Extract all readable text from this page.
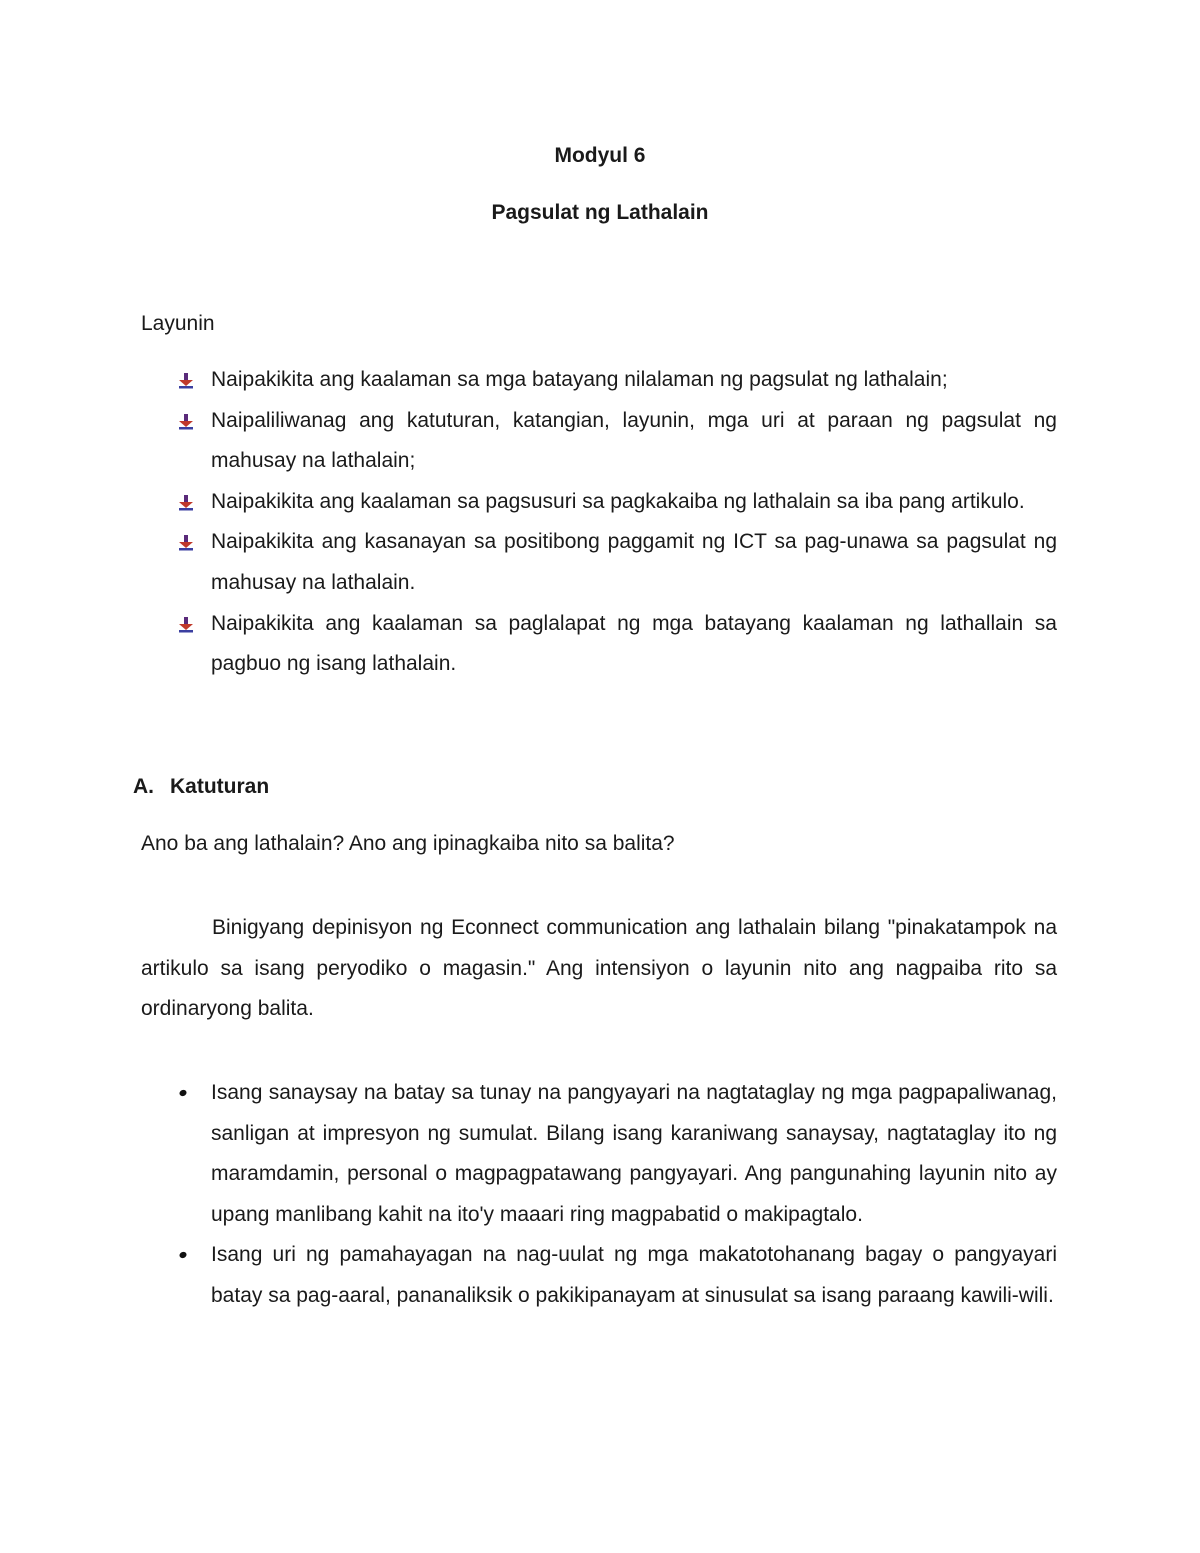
Modyul 6
Pagsulat ng Lathalain
Layunin
Naipakikita ang kaalaman sa mga batayang nilalaman ng pagsulat ng lathalain;
Naipaliliwanag ang katuturan, katangian, layunin, mga uri at paraan ng pagsulat ng mahusay na lathalain;
Naipakikita ang kaalaman sa pagsusuri sa pagkakaiba ng lathalain sa iba pang artikulo.
Naipakikita ang kasanayan sa positibong paggamit ng ICT sa pag-unawa sa pagsulat ng mahusay na lathalain.
Naipakikita ang kaalaman sa paglalapat ng mga batayang kaalaman ng lathallain sa pagbuo ng isang lathalain.
A. Katuturan
Ano ba ang lathalain? Ano ang ipinagkaiba nito sa balita?
Binigyang depinisyon ng Econnect communication ang lathalain bilang "pinakatampok na artikulo sa isang peryodiko o magasin." Ang intensiyon o layunin nito ang nagpaiba rito sa ordinaryong balita.
Isang sanaysay na batay sa tunay na pangyayari na nagtataglay ng mga pagpapaliwanag, sanligan at impresyon ng sumulat. Bilang isang karaniwang sanaysay, nagtataglay ito ng maramdamin, personal o magpagpatawang pangyayari. Ang pangunahing layunin nito ay upang manlibang kahit na ito'y maaari ring magpabatid o makipagtalo.
Isang uri ng pamahayagan na nag-uulat ng mga makatotohanang bagay o pangyayari batay sa pag-aaral, pananaliksik o pakikipanayam at sinusulat sa isang paraang kawili-wili.
